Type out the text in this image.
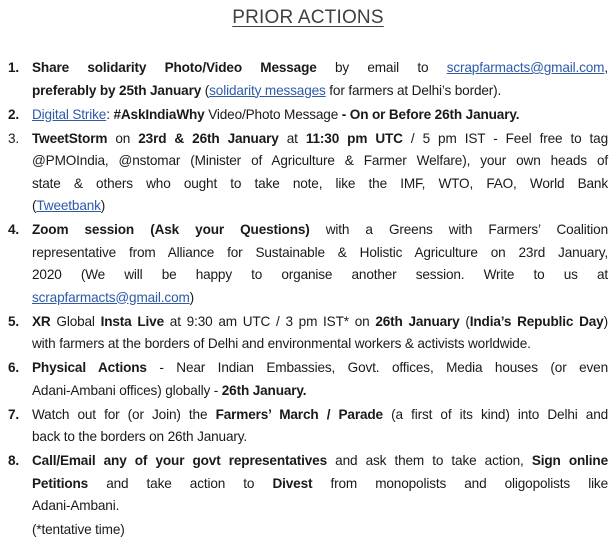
PRIOR ACTIONS
1. Share solidarity Photo/Video Message by email to scrapfarmacts@gmail.com,
preferably by 25th January (solidarity messages for farmers at Delhi’s border).
2. Digital Strike: #AskIndiaWhy Video/Photo Message - On or Before 26th January.
3. TweetStorm on 23rd & 26th January at 11:30 pm UTC / 5 pm IST - Feel free to tag
@PMOIndia, @nstomar (Minister of Agriculture & Farmer Welfare), your own heads of
state & others who ought to take note, like the IMF, WTO, FAO, World Bank
(Tweetbank)
4. Zoom session (Ask your Questions) with a Greens with Farmers’ Coalition
representative from Alliance for Sustainable & Holistic Agriculture on 23rd January,
2020 (We will be happy to organise another session. Write to us at
scrapfarmacts@gmail.com)
5. XR Global Insta Live at 9:30 am UTC / 3 pm IST* on 26th January (India’s Republic Day)
with farmers at the borders of Delhi and environmental workers & activists worldwide.
6. Physical Actions - Near Indian Embassies, Govt. offices, Media houses (or even
Adani-Ambani offices) globally - 26th January.
7. Watch out for (or Join) the Farmers’ March / Parade (a first of its kind) into Delhi and
back to the borders on 26th January.
8. Call/Email any of your govt representatives and ask them to take action, Sign online
Petitions and take action to Divest from monopolists and oligopolists like
Adani-Ambani.
(*tentative time)
